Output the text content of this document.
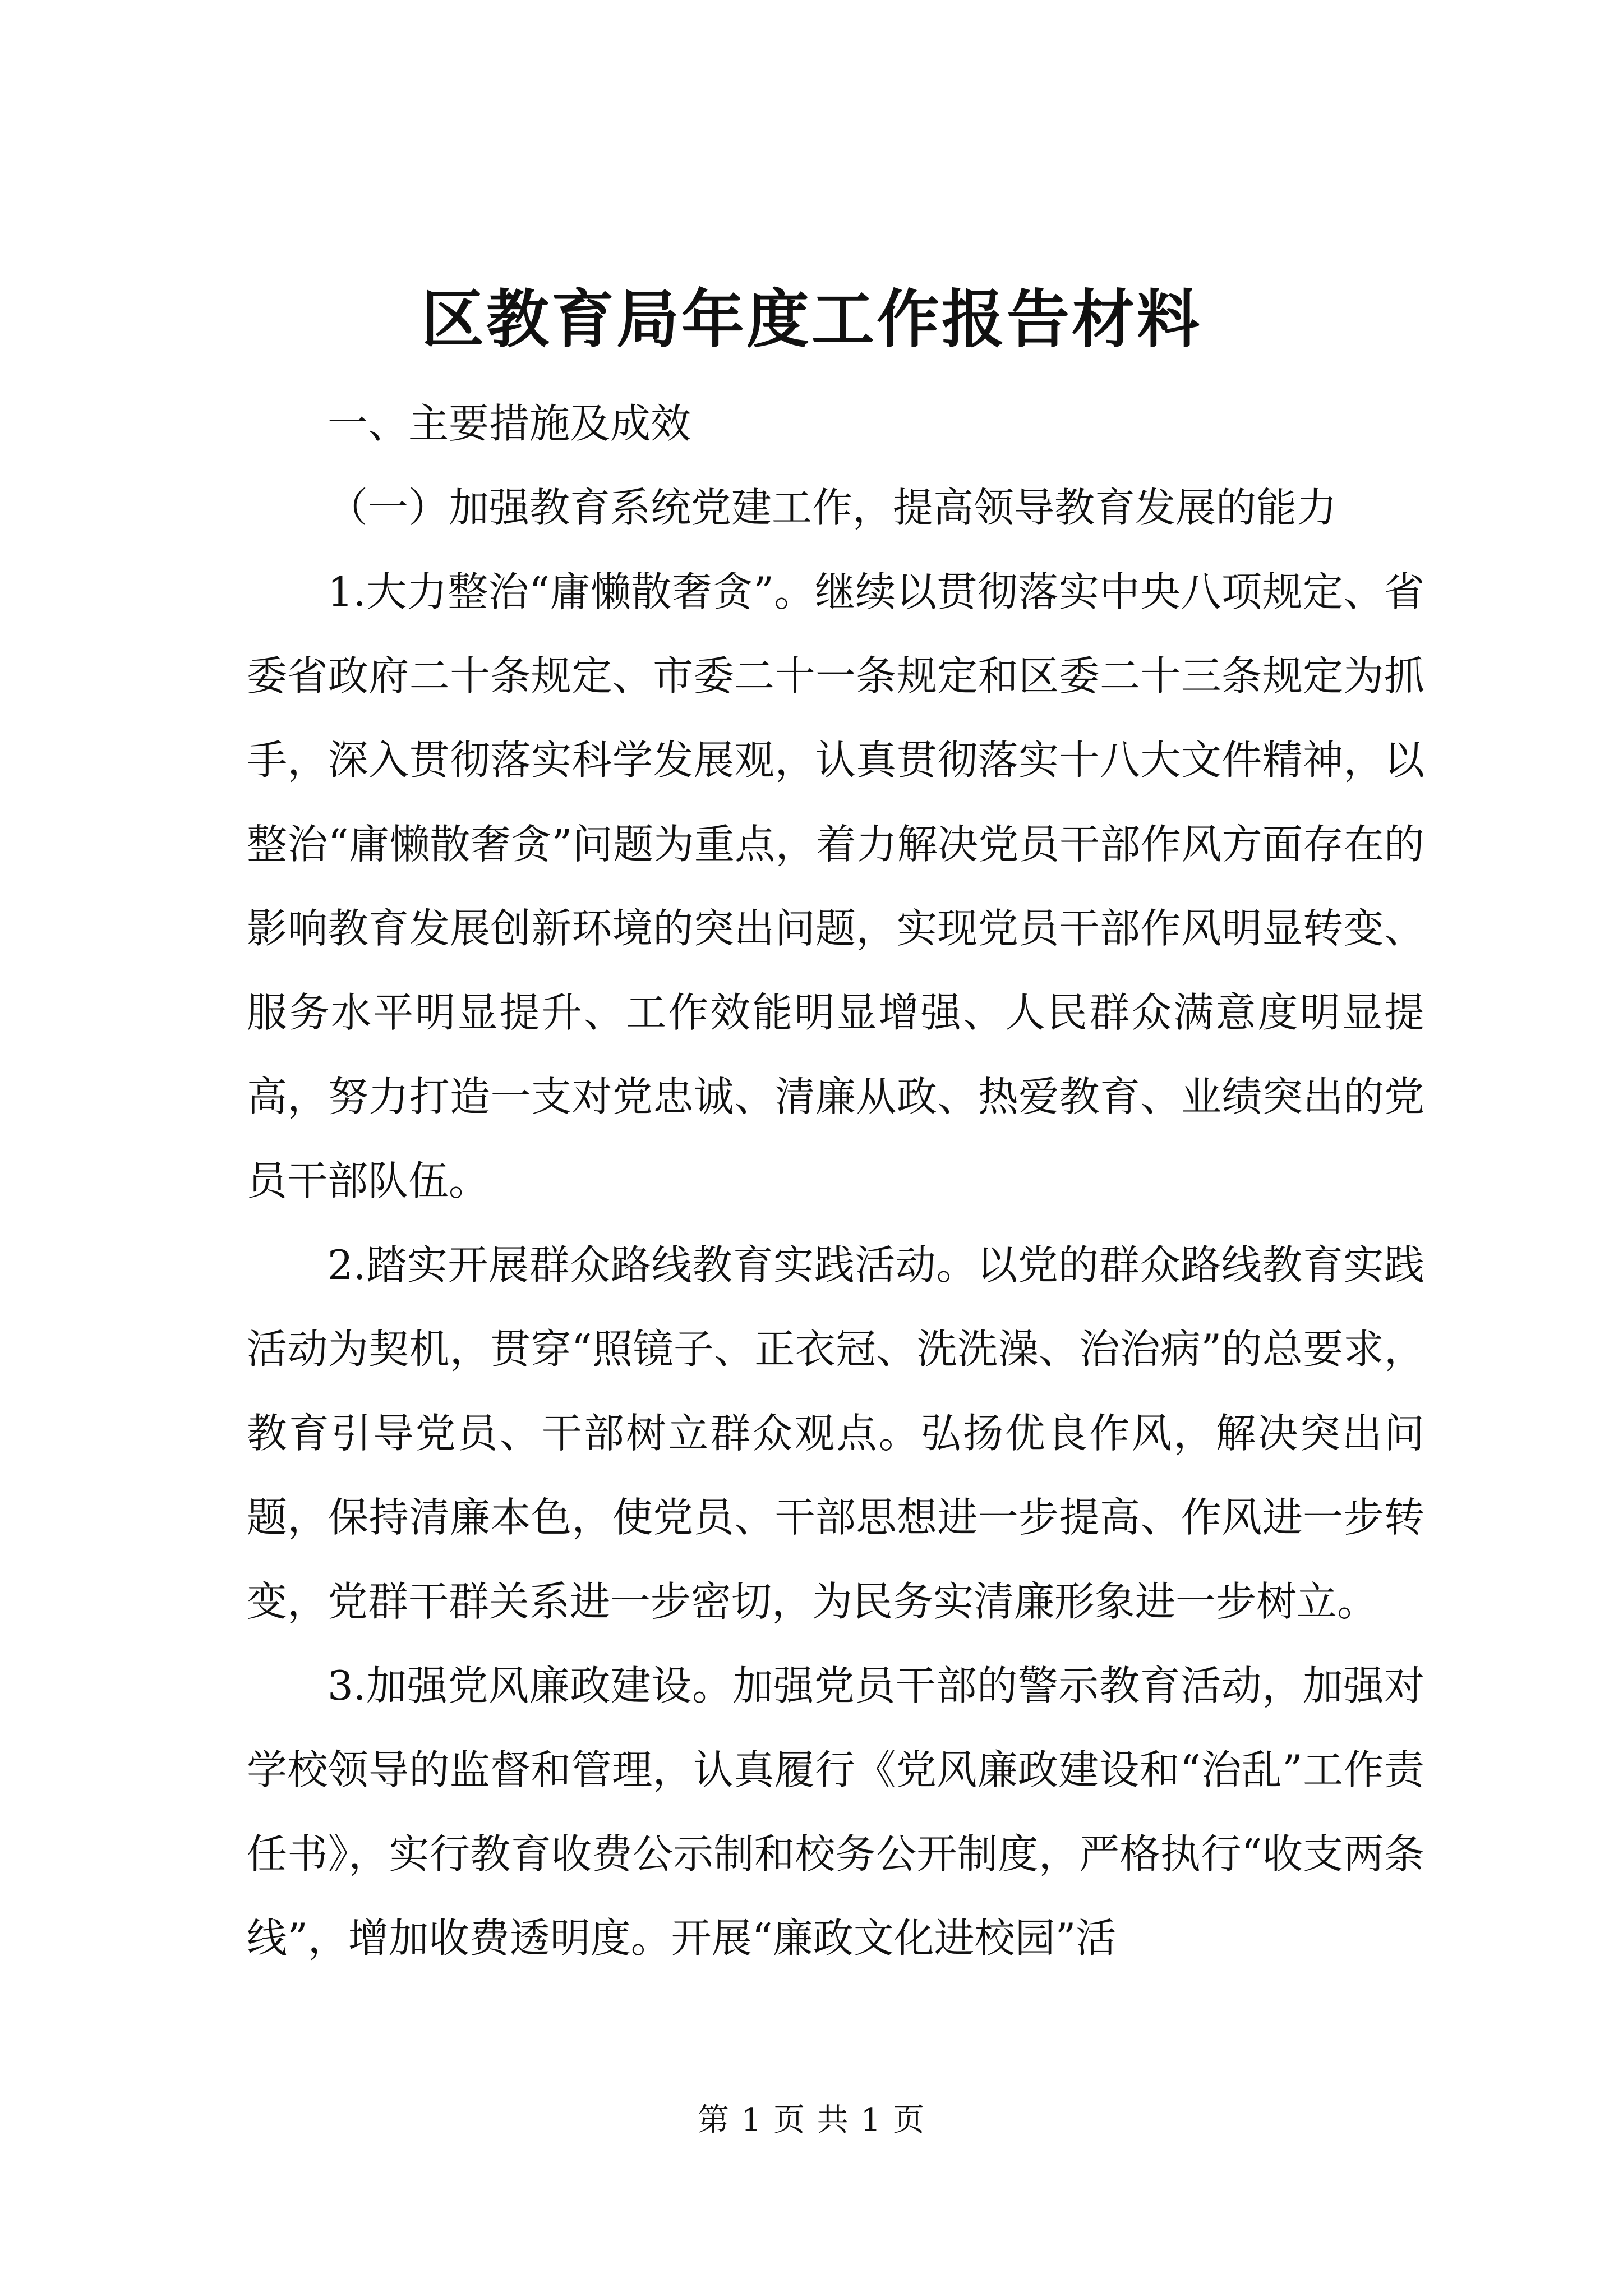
区教育局年度工作报告材料

一、主要措施及成效

（一）加强教育系统党建工作，提高领导教育发展的能力

1.大力整治“庸懒散奢贪”。继续以贯彻落实中央八项规定、省委省政府二十条规定、市委二十一条规定和区委二十三条规定为抓手，深入贯彻落实科学发展观，认真贯彻落实十八大文件精神，以整治“庸懒散奢贪”问题为重点，着力解决党员干部作风方面存在的影响教育发展创新环境的突出问题，实现党员干部作风明显转变、服务水平明显提升、工作效能明显增强、人民群众满意度明显提高，努力打造一支对党忠诚、清廉从政、热爱教育、业绩突出的党员干部队伍。

2.踏实开展群众路线教育实践活动。以党的群众路线教育实践活动为契机，贯穿“照镜子、正衣冠、洗洗澡、治治病”的总要求，教育引导党员、干部树立群众观点。弘扬优良作风，解决突出问题，保持清廉本色，使党员、干部思想进一步提高、作风进一步转变，党群干群关系进一步密切，为民务实清廉形象进一步树立。

3.加强党风廉政建设。加强党员干部的警示教育活动，加强对学校领导的监督和管理，认真履行《党风廉政建设和“治乱”工作责任书》，实行教育收费公示制和校务公开制度，严格执行“收支两条线”，增加收费透明度。开展“廉政文化进校园”活

第 1 页 共 1 页
